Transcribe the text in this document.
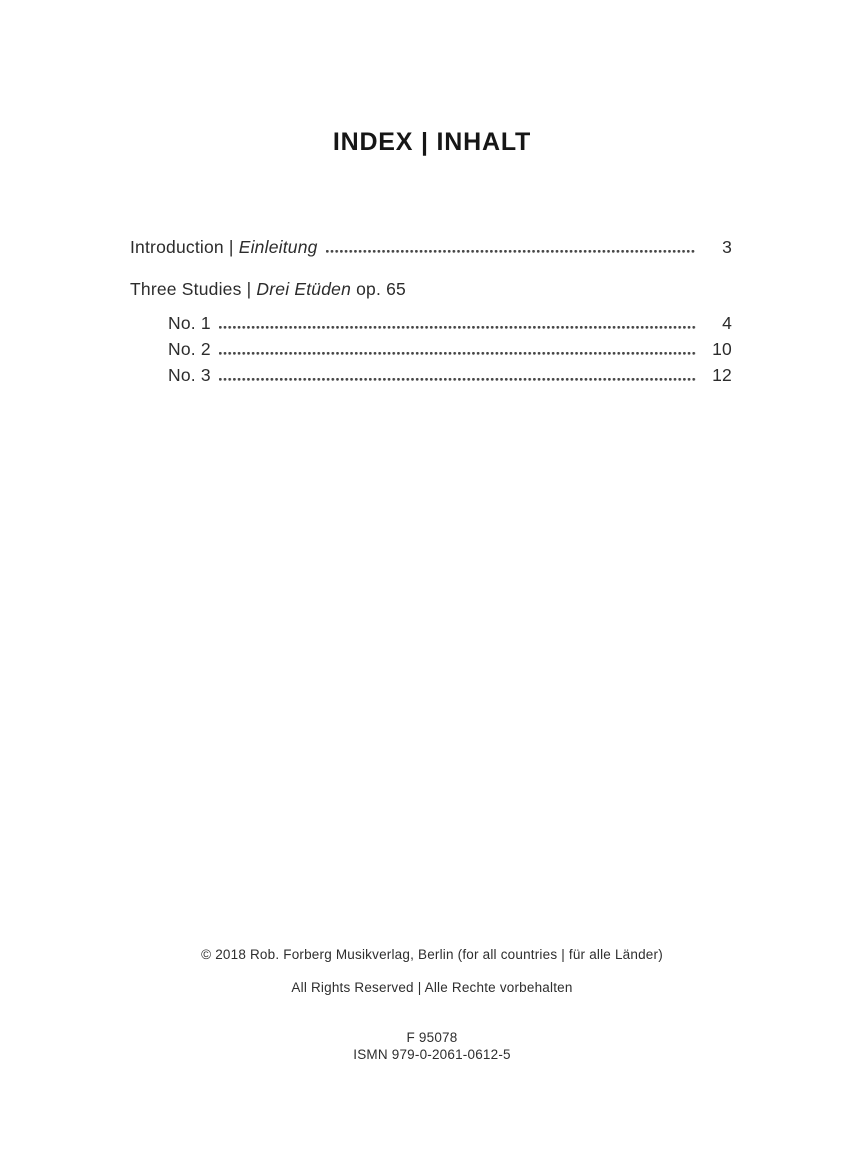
INDEX | INHALT
Introduction | Einleitung	3
Three Studies | Drei Etüden op. 65
No. 1	4
No. 2	10
No. 3	12
© 2018 Rob. Forberg Musikverlag, Berlin (for all countries | für alle Länder)
All Rights Reserved | Alle Rechte vorbehalten
F 95078
ISMN 979-0-2061-0612-5
